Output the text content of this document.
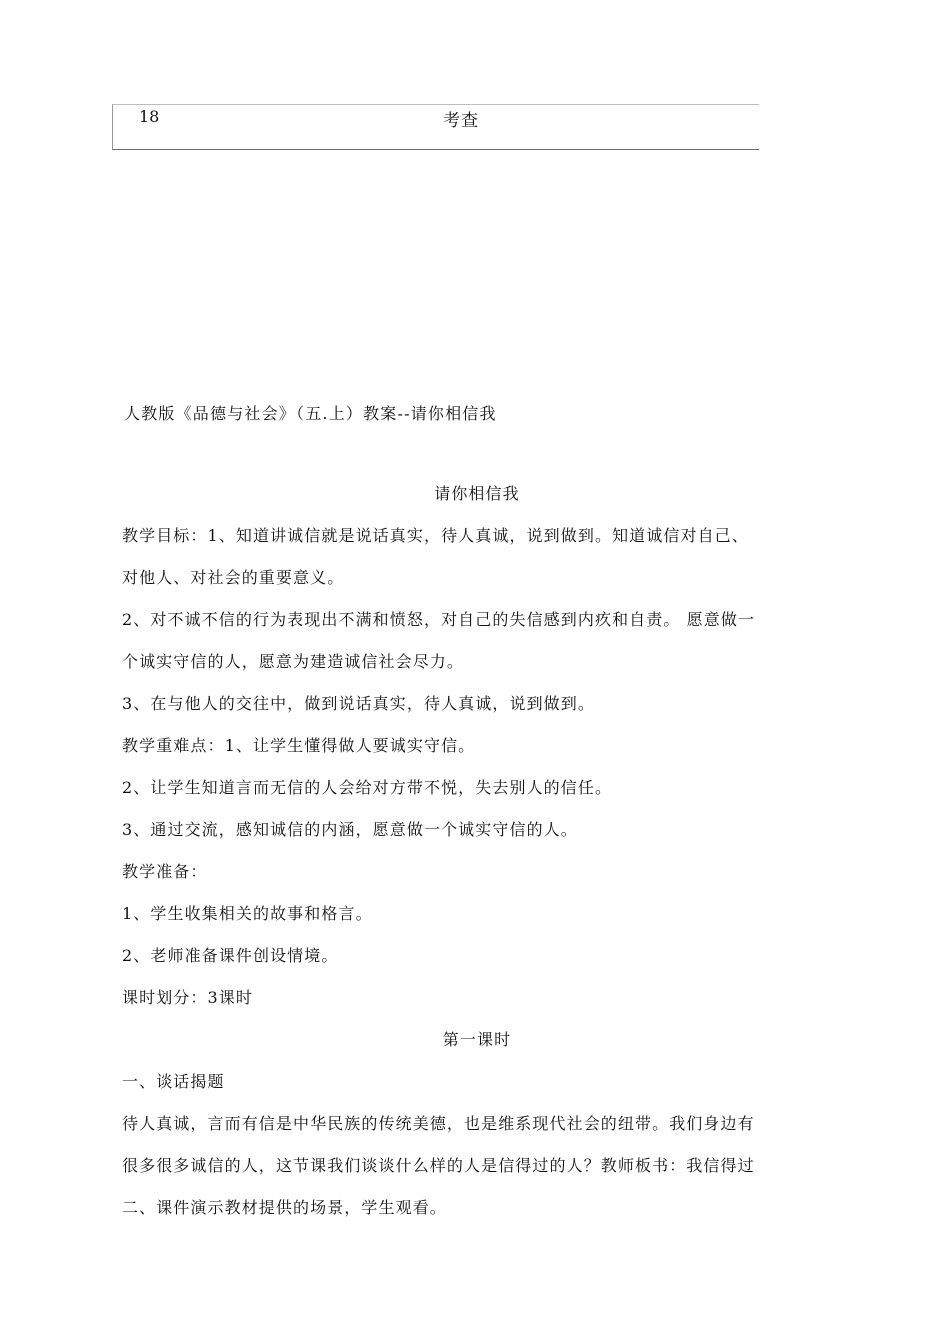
18	考查
人教版《品德与社会》（五.上）教案--请你相信我
请你相信我
教学目标：1、知道讲诚信就是说话真实，待人真诚，说到做到。知道诚信对自己、
对他人、对社会的重要意义。
2、对不诚不信的行为表现出不满和愤怒，对自己的失信感到内疚和自责。 愿意做一
个诚实守信的人，愿意为建造诚信社会尽力。
3、在与他人的交往中，做到说话真实，待人真诚，说到做到。
教学重难点：1、让学生懂得做人要诚实守信。
2、让学生知道言而无信的人会给对方带不悦，失去别人的信任。
3、通过交流，感知诚信的内涵，愿意做一个诚实守信的人。
教学准备：
1、学生收集相关的故事和格言。
2、老师准备课件创设情境。
课时划分：3课时
第一课时
一、谈话揭题
待人真诚，言而有信是中华民族的传统美德，也是维系现代社会的纽带。我们身边有
很多很多诚信的人，这节课我们谈谈什么样的人是信得过的人？教师板书：我信得过
二、课件演示教材提供的场景，学生观看。
